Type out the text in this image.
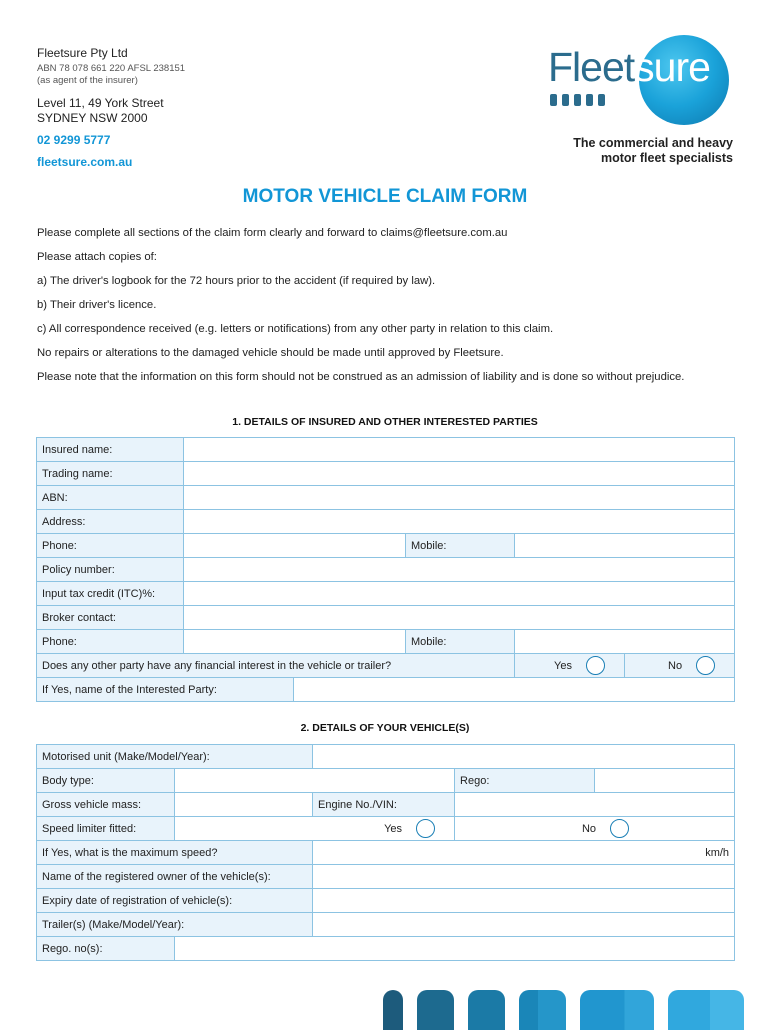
Fleetsure Pty Ltd
ABN 78 078 661 220 AFSL 238151
(as agent of the insurer)
Level 11, 49 York Street
SYDNEY NSW 2000
02 9299 5777
fleetsure.com.au
Fleetsure
The commercial and heavy
motor fleet specialists
MOTOR VEHICLE CLAIM FORM

Please complete all sections of the claim form clearly and forward to claims@fleetsure.com.au

Please attach copies of:

a) The driver's logbook for the 72 hours prior to the accident (if required by law).

b) Their driver's licence.

c) All correspondence received (e.g. letters or notifications) from any other party in relation to this claim.

No repairs or alterations to the damaged vehicle should be made until approved by Fleetsure.

Please note that the information on this form should not be construed as an admission of liability and is done so without prejudice.

1. DETAILS OF INSURED AND OTHER INTERESTED PARTIES
Insured name:					
Trading name:					
ABN:					
Address:					
Phone:			Mobile:		
Policy number:					
Input tax credit (ITC)%:					
Broker contact:					
Phone:			Mobile:		
Does any other party have any financial interest in the vehicle or trailer?				Yes	No

If Yes, name of the Interested Party:					
2. DETAILS OF YOUR VEHICLE(S)
Motorised unit (Make/Model/Year):				
Body type:			Rego:	
Gross vehicle mass:		Engine No./VIN:		
Speed limiter fitted:	Yes		No	

If Yes, what is the maximum speed?		km/h		
Name of the registered owner of the vehicle(s):				
Expiry date of registration of vehicle(s):				
Trailer(s) (Make/Model/Year):				
Rego. no(s):				
